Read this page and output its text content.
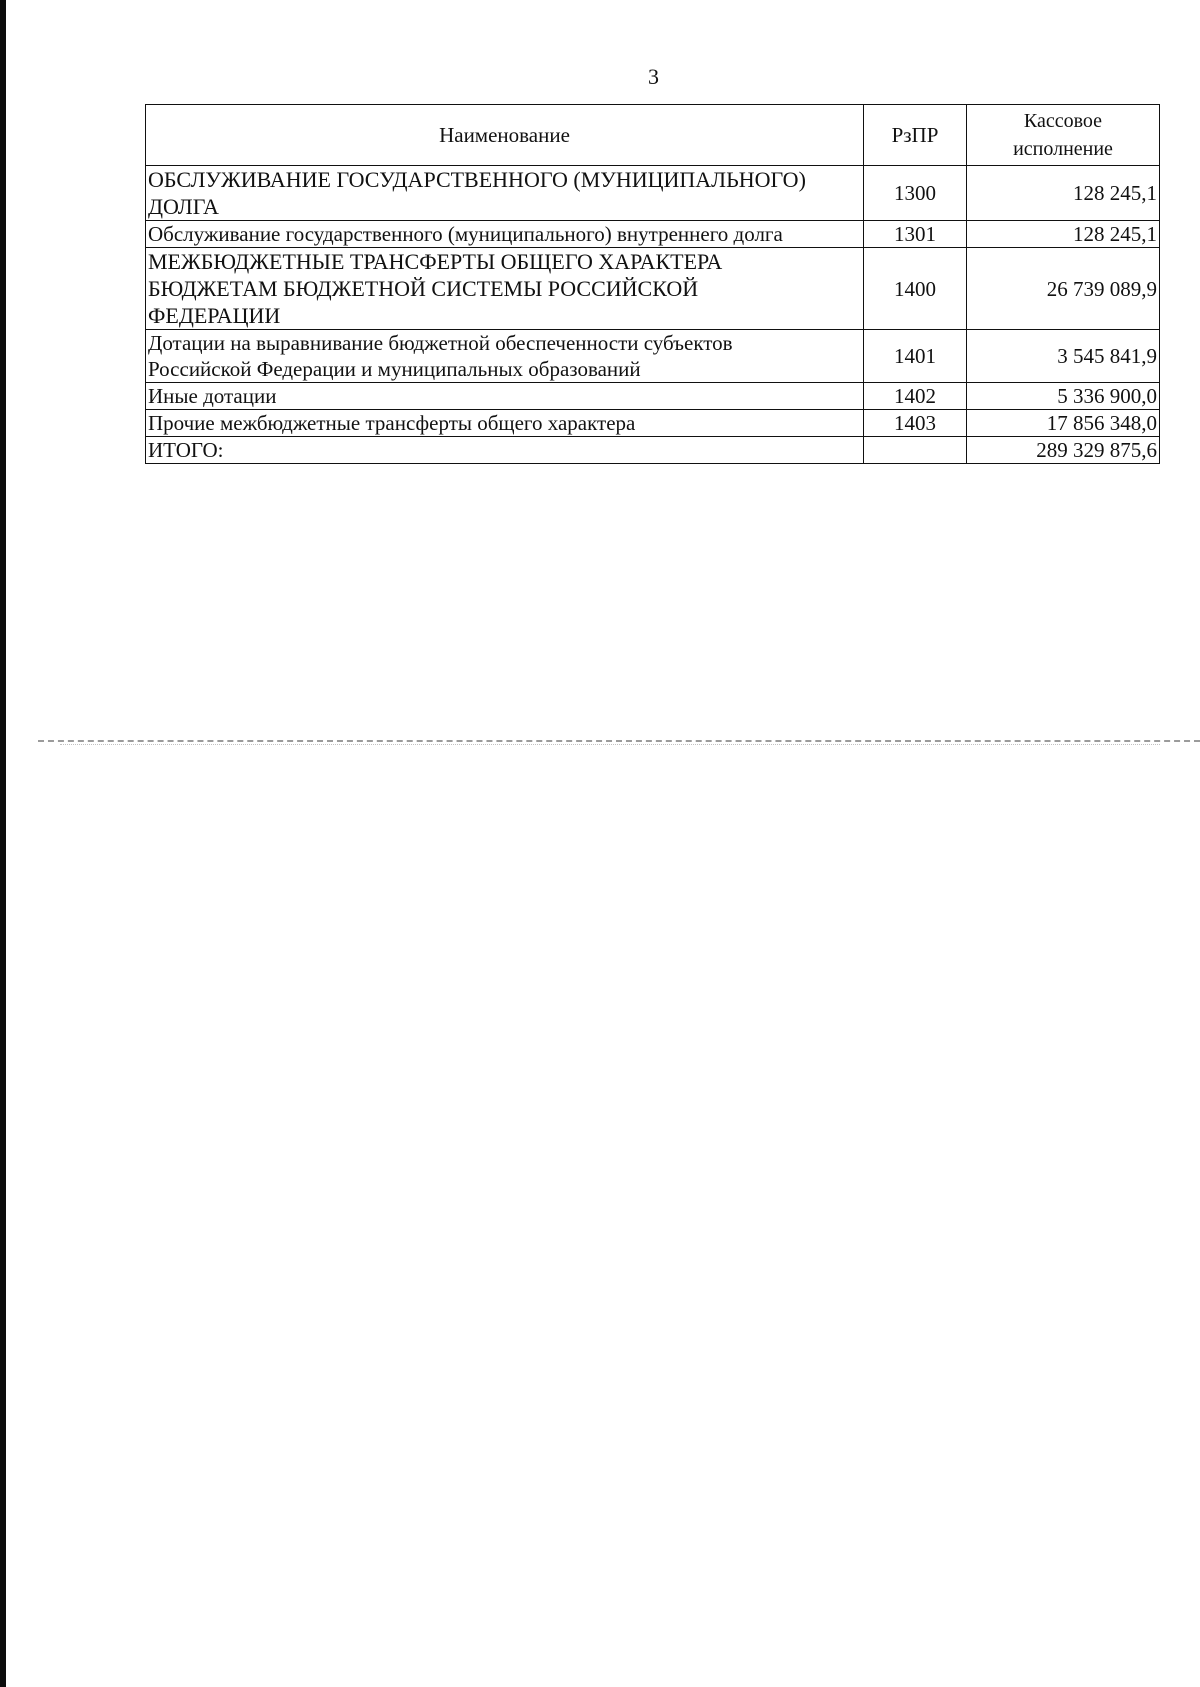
3
Наименование	РзПР	Кассовое
исполнение

ОБСЛУЖИВАНИЕ ГОСУДАРСТВЕННОГО (МУНИЦИПАЛЬНОГО)
ДОЛГА	1300	128 245,1

Обслуживание государственного (муниципального) внутреннего долга	1301	128 245,1

МЕЖБЮДЖЕТНЫЕ ТРАНСФЕРТЫ ОБЩЕГО ХАРАКТЕРА
БЮДЖЕТАМ БЮДЖЕТНОЙ СИСТЕМЫ РОССИЙСКОЙ
ФЕДЕРАЦИИ	1400	26 739 089,9

Дотации на выравнивание бюджетной обеспеченности субъектов
Российской Федерации и муниципальных образований	1401	3 545 841,9

Иные дотации	1402	5 336 900,0

Прочие межбюджетные трансферты общего характера	1403	17 856 348,0

ИТОГО:		289 329 875,6
